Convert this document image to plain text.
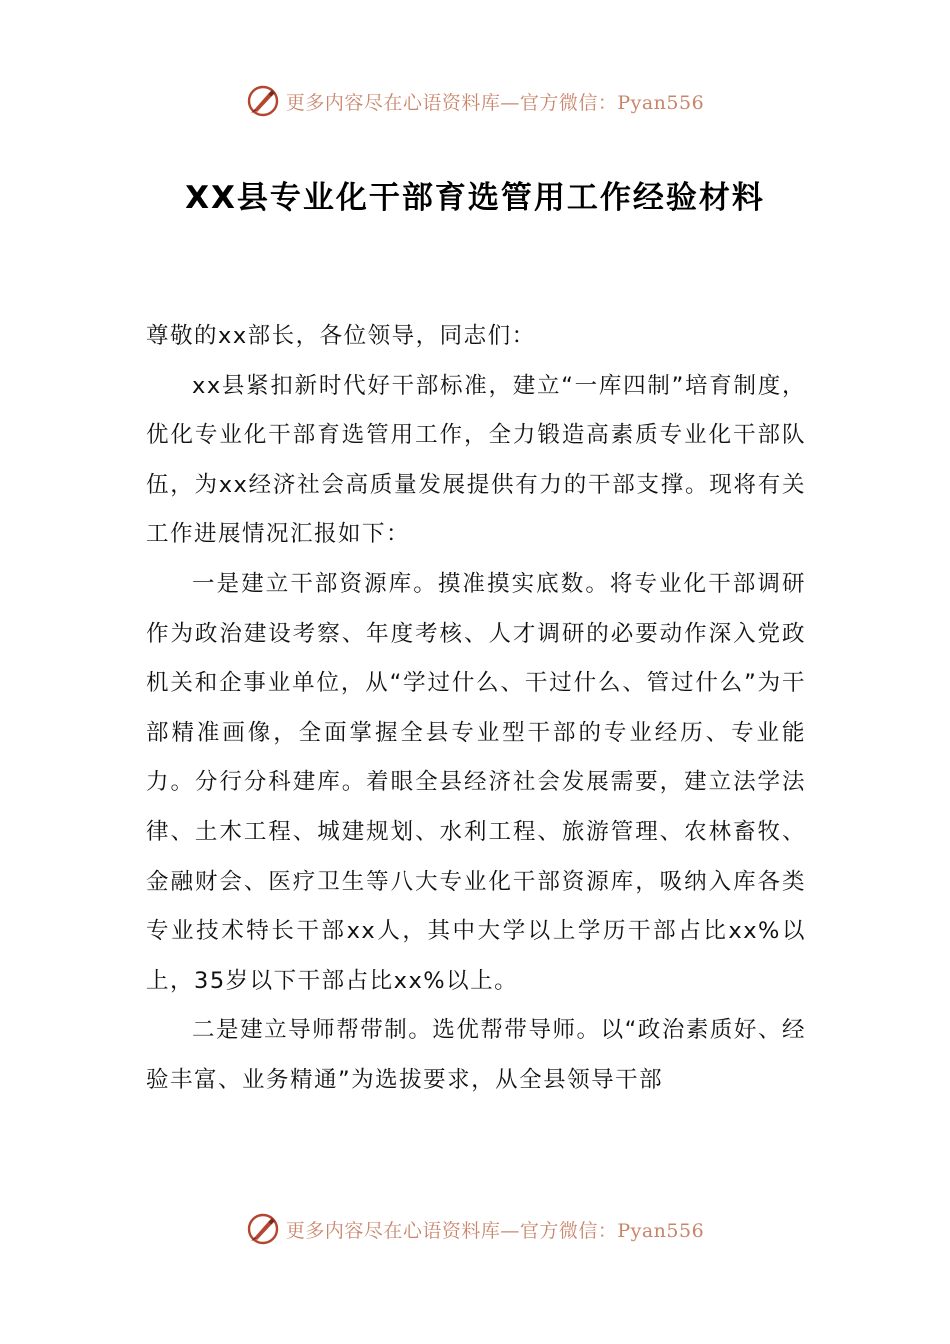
更多内容尽在心语资料库—官方微信：Pyan556
XX县专业化干部育选管用工作经验材料

尊敬的xx部长，各位领导，同志们：

xx县紧扣新时代好干部标准，建立“一库四制”培育制度，优化专业化干部育选管用工作，全力锻造高素质专业化干部队伍，为xx经济社会高质量发展提供有力的干部支撑。现将有关工作进展情况汇报如下：

一是建立干部资源库。摸准摸实底数。将专业化干部调研作为政治建设考察、年度考核、人才调研的必要动作深入党政机关和企事业单位，从“学过什么、干过什么、管过什么”为干部精准画像，全面掌握全县专业型干部的专业经历、专业能力。分行分科建库。着眼全县经济社会发展需要，建立法学法律、土木工程、城建规划、水利工程、旅游管理、农林畜牧、金融财会、医疗卫生等八大专业化干部资源库，吸纳入库各类专业技术特长干部xx人，其中大学以上学历干部占比xx%以上，35岁以下干部占比xx%以上。

二是建立导师帮带制。选优帮带导师。以“政治素质好、经验丰富、业务精通”为选拔要求，从全县领导干部

更多内容尽在心语资料库—官方微信：Pyan556
